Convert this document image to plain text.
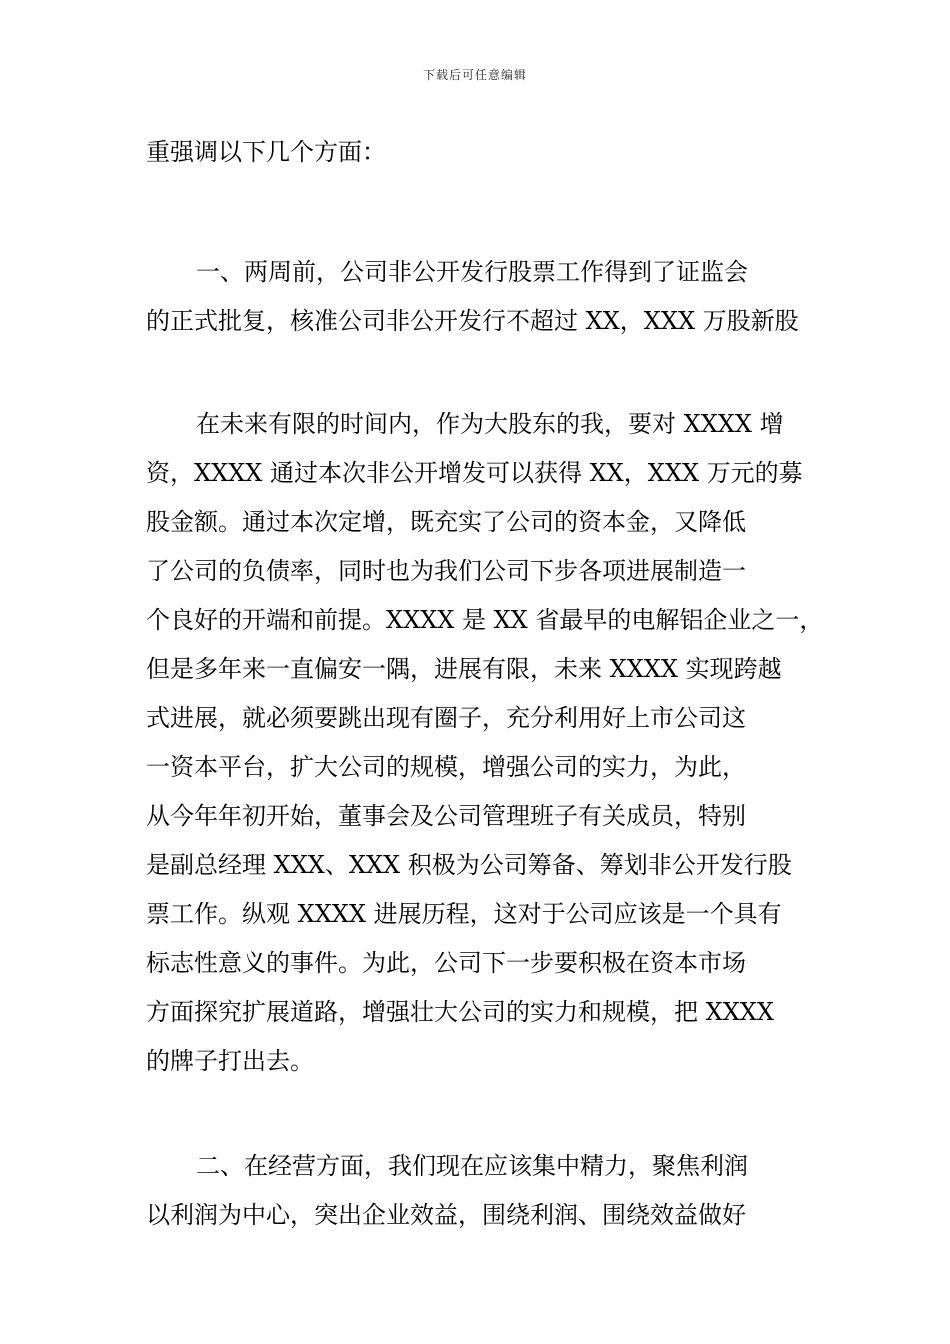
下载后可任意编辑
重强调以下几个方面：
一、两周前，公司非公开发行股票工作得到了证监会
的正式批复，核准公司非公开发行不超过 XX，XXX 万股新股
在未来有限的时间内，作为大股东的我，要对 XXXX 增
资，XXXX 通过本次非公开增发可以获得 XX，XXX 万元的募
股金额。通过本次定增，既充实了公司的资本金，又降低
了公司的负债率，同时也为我们公司下步各项进展制造一
个良好的开端和前提。XXXX 是 XX 省最早的电解铝企业之一，
但是多年来一直偏安一隅，进展有限，未来 XXXX 实现跨越
式进展，就必须要跳出现有圈子，充分利用好上市公司这
一资本平台，扩大公司的规模，增强公司的实力，为此，
从今年年初开始，董事会及公司管理班子有关成员，特别
是副总经理 XXX、XXX 积极为公司筹备、筹划非公开发行股
票工作。纵观 XXXX 进展历程，这对于公司应该是一个具有
标志性意义的事件。为此，公司下一步要积极在资本市场
方面探究扩展道路，增强壮大公司的实力和规模，把 XXXX
的牌子打出去。
二、在经营方面，我们现在应该集中精力，聚焦利润
以利润为中心，突出企业效益，围绕利润、围绕效益做好
